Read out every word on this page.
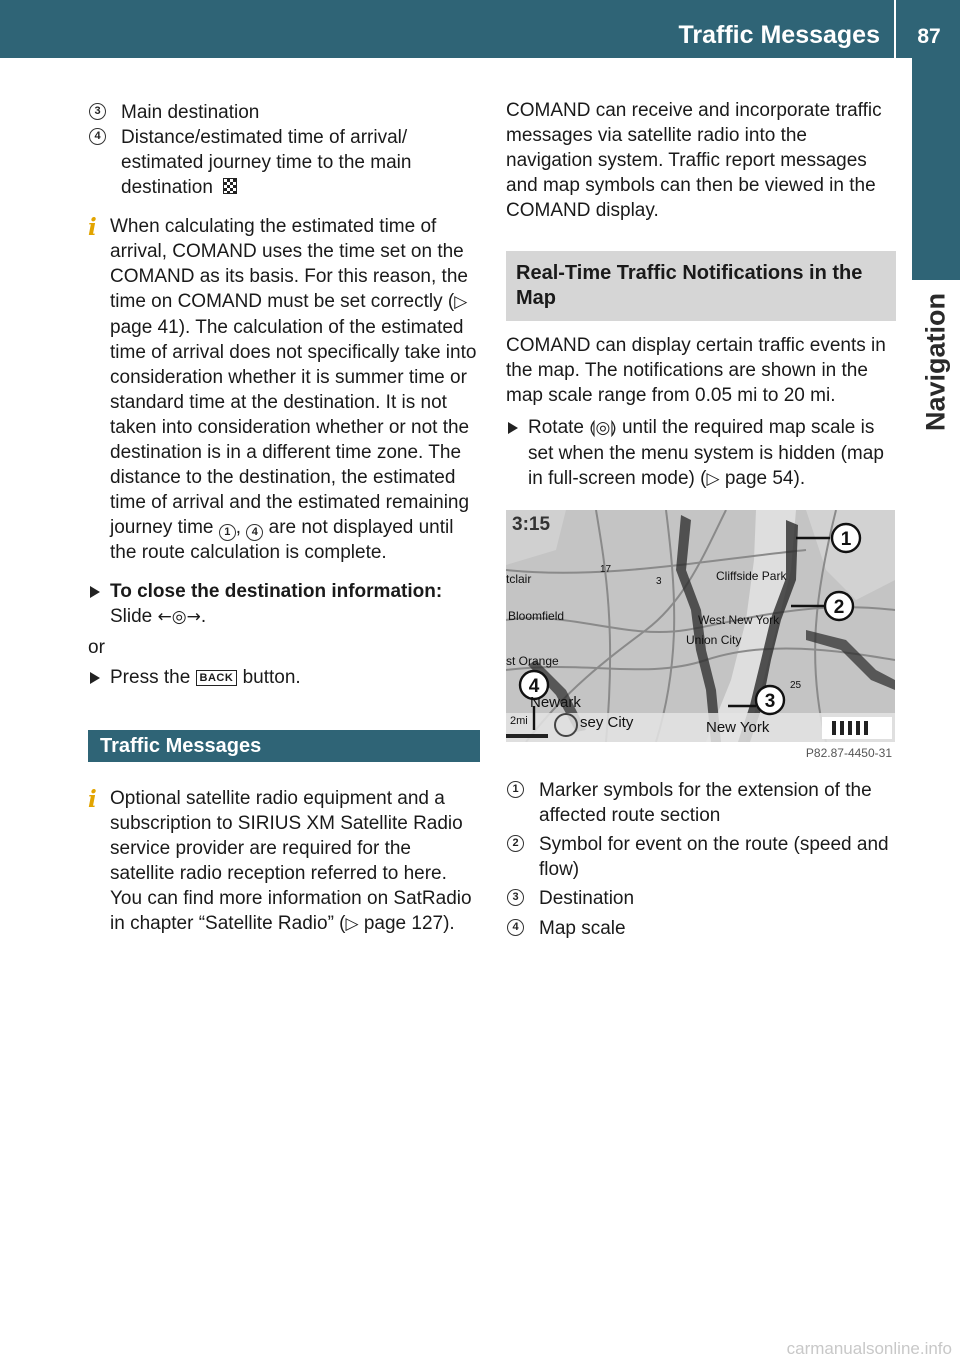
Traffic Messages	87
Navigation
3 Main destination
4 Distance/estimated time of arrival/ estimated journey time to the main destination
i When calculating the estimated time of arrival, COMAND uses the time set on the COMAND as its basis. For this reason, the time on COMAND must be set correctly (▷ page 41). The calculation of the estimated time of arrival does not specifically take into consideration whether it is summer time or standard time at the destination. It is not taken into consideration whether or not the destination is in a different time zone. The distance to the destination, the estimated time of arrival and the estimated remaining journey time 1 , 4 are not displayed until the route calculation is complete.
To close the destination information:
Slide ←◎→.
or
Press the BACK button.
Traffic Messages
i Optional satellite radio equipment and a subscription to SIRIUS XM Satellite Radio service provider are required for the satellite radio reception referred to here. You can find more information on SatRadio in chapter “Satellite Radio” (▷ page 127).
COMAND can receive and incorporate traffic messages via satellite radio into the navigation system. Traffic report messages and map symbols can then be viewed in the COMAND display.
Real-Time Traffic Notifications in the Map
COMAND can display certain traffic events in the map. The notifications are shown in the map scale range from 0.05 mi to 20 mi.
Rotate ⟬◎⟭ until the required map scale is set when the menu system is hidden (map in full-screen mode) (▷ page 54).
1
2
3
4
3:15
Cliffside Park
West New York
Union City
Bloomfield
tclair
st Orange
Newark
sey City	New York
17
3
25
2mi
P82.87-4450-31
1 Marker symbols for the extension of the affected route section
2 Symbol for event on the route (speed and flow)
3 Destination
4 Map scale
carmanualsonline.info
